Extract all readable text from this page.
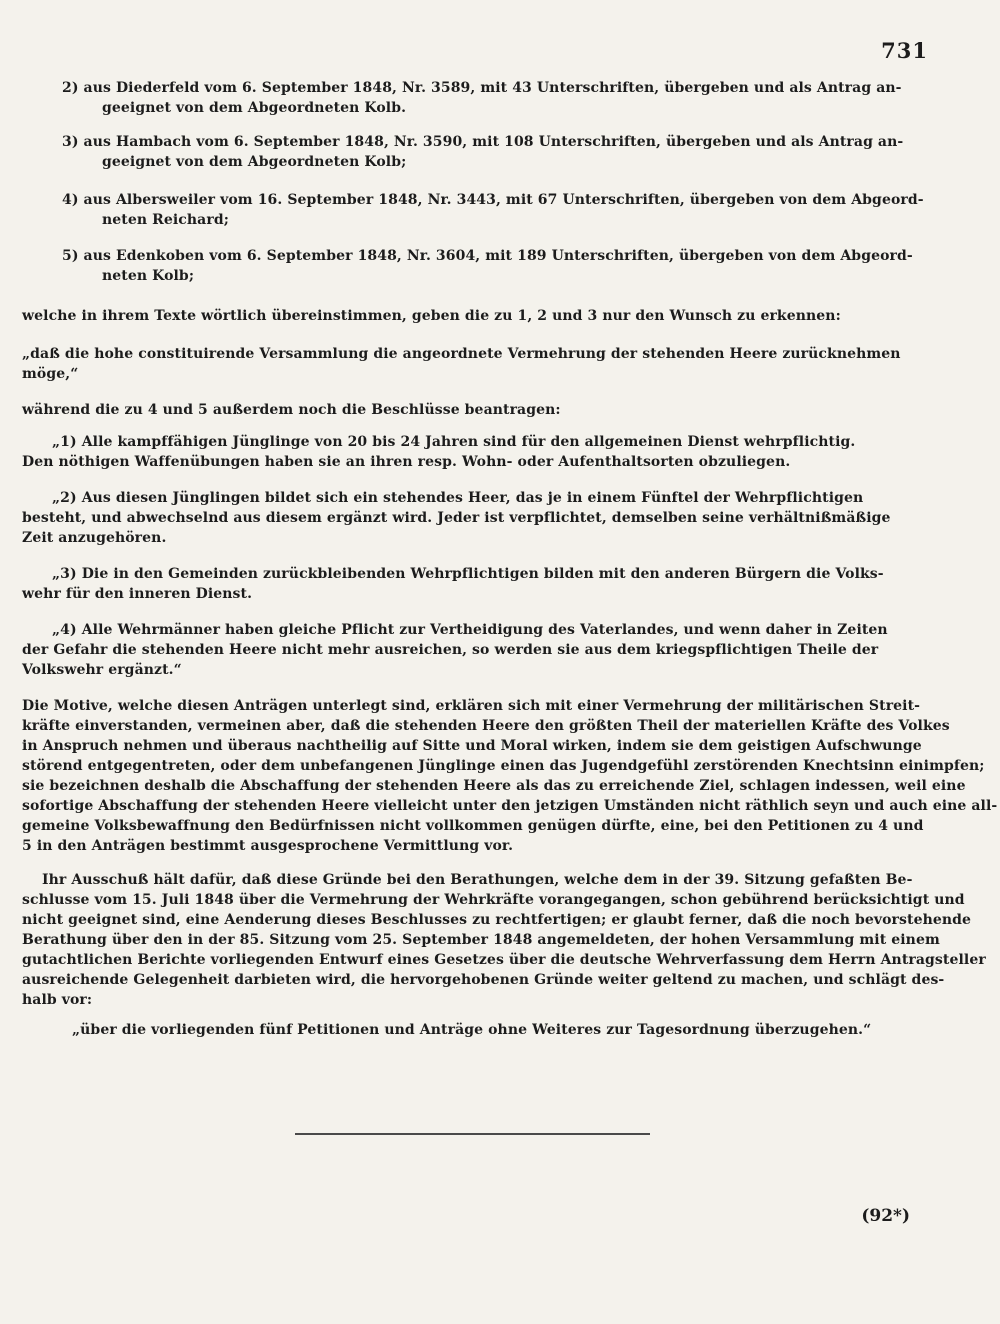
731
2) aus Diederfeld vom 6. September 1848, Nr. 3589, mit 43 Unterschriften, übergeben und als Antrag an-
geeignet von dem Abgeordneten Kolb.
3) aus Hambach vom 6. September 1848, Nr. 3590, mit 108 Unterschriften, übergeben und als Antrag an-
geeignet von dem Abgeordneten Kolb;
4) aus Albersweiler vom 16. September 1848, Nr. 3443, mit 67 Unterschriften, übergeben von dem Abgeord-
neten Reichard;
5) aus Edenkoben vom 6. September 1848, Nr. 3604, mit 189 Unterschriften, übergeben von dem Abgeord-
neten Kolb;
welche in ihrem Texte wörtlich übereinstimmen, geben die zu 1, 2 und 3 nur den Wunsch zu erkennen:
„daß die hohe constituirende Versammlung die angeordnete Vermehrung der stehenden Heere zurücknehmen
möge,“
während die zu 4 und 5 außerdem noch die Beschlüsse beantragen:
„1) Alle kampffähigen Jünglinge von 20 bis 24 Jahren sind für den allgemeinen Dienst wehrpflichtig.
Den nöthigen Waffenübungen haben sie an ihren resp. Wohn- oder Aufenthaltsorten obzuliegen.
„2) Aus diesen Jünglingen bildet sich ein stehendes Heer, das je in einem Fünftel der Wehrpflichtigen
besteht, und abwechselnd aus diesem ergänzt wird. Jeder ist verpflichtet, demselben seine verhältnißmäßige
Zeit anzugehören.
„3) Die in den Gemeinden zurückbleibenden Wehrpflichtigen bilden mit den anderen Bürgern die Volks-
wehr für den inneren Dienst.
„4) Alle Wehrmänner haben gleiche Pflicht zur Vertheidigung des Vaterlandes, und wenn daher in Zeiten
der Gefahr die stehenden Heere nicht mehr ausreichen, so werden sie aus dem kriegspflichtigen Theile der
Volkswehr ergänzt.“
Die Motive, welche diesen Anträgen unterlegt sind, erklären sich mit einer Vermehrung der militärischen Streit-
kräfte einverstanden, vermeinen aber, daß die stehenden Heere den größten Theil der materiellen Kräfte des Volkes
in Anspruch nehmen und überaus nachtheilig auf Sitte und Moral wirken, indem sie dem geistigen Aufschwunge
störend entgegentreten, oder dem unbefangenen Jünglinge einen das Jugendgefühl zerstörenden Knechtsinn einimpfen;
sie bezeichnen deshalb die Abschaffung der stehenden Heere als das zu erreichende Ziel, schlagen indessen, weil eine
sofortige Abschaffung der stehenden Heere vielleicht unter den jetzigen Umständen nicht räthlich seyn und auch eine all-
gemeine Volksbewaffnung den Bedürfnissen nicht vollkommen genügen dürfte, eine, bei den Petitionen zu 4 und
5 in den Anträgen bestimmt ausgesprochene Vermittlung vor.
Ihr Ausschuß hält dafür, daß diese Gründe bei den Berathungen, welche dem in der 39. Sitzung gefaßten Be-
schlusse vom 15. Juli 1848 über die Vermehrung der Wehrkräfte vorangegangen, schon gebührend berücksichtigt und
nicht geeignet sind, eine Aenderung dieses Beschlusses zu rechtfertigen; er glaubt ferner, daß die noch bevorstehende
Berathung über den in der 85. Sitzung vom 25. September 1848 angemeldeten, der hohen Versammlung mit einem
gutachtlichen Berichte vorliegenden Entwurf eines Gesetzes über die deutsche Wehrverfassung dem Herrn Antragsteller
ausreichende Gelegenheit darbieten wird, die hervorgehobenen Gründe weiter geltend zu machen, und schlägt des-
halb vor:
„über die vorliegenden fünf Petitionen und Anträge ohne Weiteres zur Tagesordnung überzugehen.“
(92*)
